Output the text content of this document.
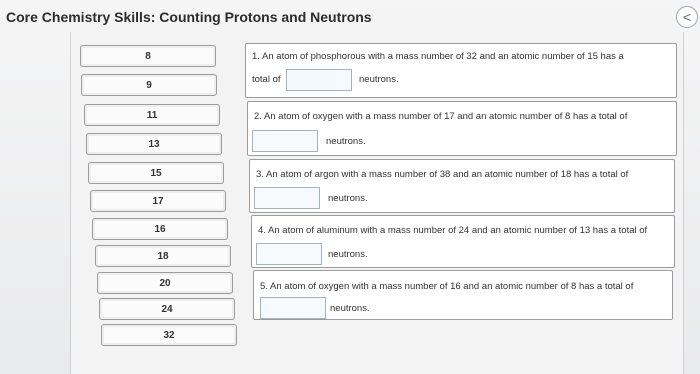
Core Chemistry Skills: Counting Protons and Neutrons	<
8
9
11
13
15
17
16
18
20
24
32
1. An atom of phosphorous with a mass number of 32 and an atomic number of 15 has a
total of	neutrons.
2. An atom of oxygen with a mass number of 17 and an atomic number of 8 has a total of
neutrons.
3. An atom of argon with a mass number of 38 and an atomic number of 18 has a total of
neutrons.
4. An atom of aluminum with a mass number of 24 and an atomic number of 13 has a total of
neutrons.
5. An atom of oxygen with a mass number of 16 and an atomic number of 8 has a total of
neutrons.
